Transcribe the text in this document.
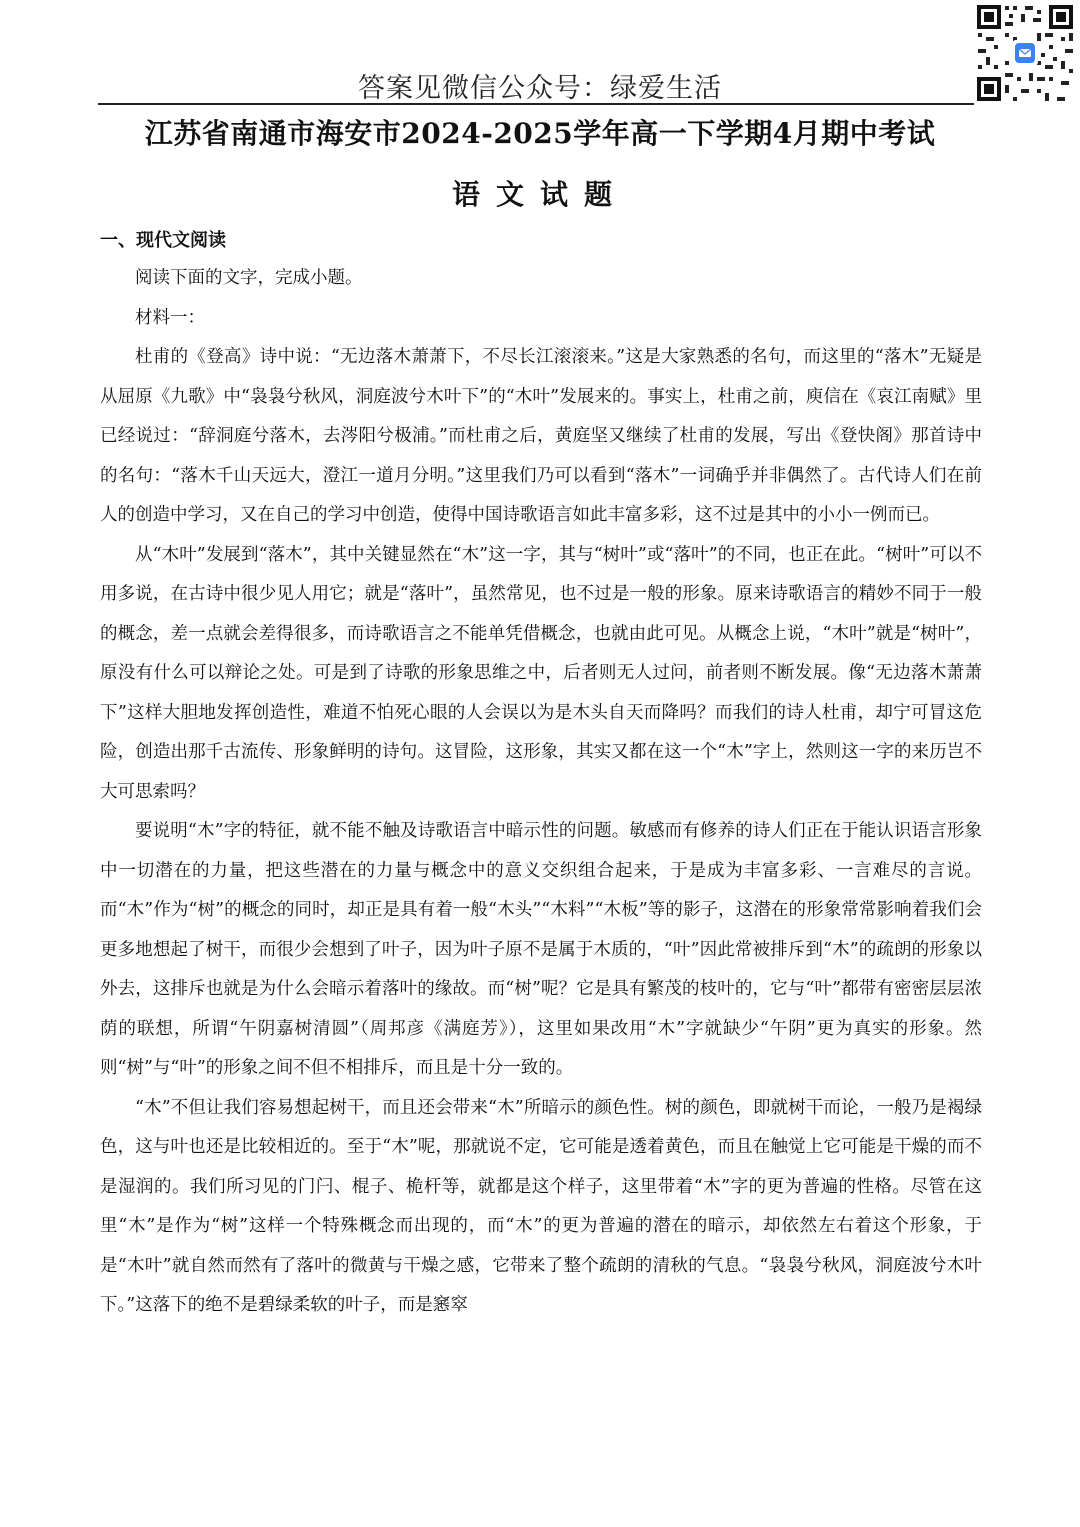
答案见微信公众号：绿爱生活
江苏省南通市海安市2024-2025学年高一下学期4月期中考试
语文试题
一、现代文阅读

阅读下面的文字，完成小题。

材料一：

杜甫的《登高》诗中说：“无边落木萧萧下，不尽长江滚滚来。”这是大家熟悉的名句，而这里的“落木”无疑是从屈原《九歌》中“袅袅兮秋风，洞庭波兮木叶下”的“木叶”发展来的。事实上，杜甫之前，庾信在《哀江南赋》里已经说过：“辞洞庭兮落木，去涔阳兮极浦。”而杜甫之后，黄庭坚又继续了杜甫的发展，写出《登快阁》那首诗中的名句：“落木千山天远大，澄江一道月分明。”这里我们乃可以看到“落木”一词确乎并非偶然了。古代诗人们在前人的创造中学习，又在自己的学习中创造，使得中国诗歌语言如此丰富多彩，这不过是其中的小小一例而已。

从“木叶”发展到“落木”，其中关键显然在“木”这一字，其与“树叶”或“落叶”的不同，也正在此。“树叶”可以不用多说，在古诗中很少见人用它；就是“落叶”，虽然常见，也不过是一般的形象。原来诗歌语言的精妙不同于一般的概念，差一点就会差得很多，而诗歌语言之不能单凭借概念，也就由此可见。从概念上说，“木叶”就是“树叶”，原没有什么可以辩论之处。可是到了诗歌的形象思维之中，后者则无人过问，前者则不断发展。像“无边落木萧萧下”这样大胆地发挥创造性，难道不怕死心眼的人会误以为是木头自天而降吗？而我们的诗人杜甫，却宁可冒这危险，创造出那千古流传、形象鲜明的诗句。这冒险，这形象，其实又都在这一个“木”字上，然则这一字的来历岂不大可思索吗？

要说明“木”字的特征，就不能不触及诗歌语言中暗示性的问题。敏感而有修养的诗人们正在于能认识语言形象中一切潜在的力量，把这些潜在的力量与概念中的意义交织组合起来，于是成为丰富多彩、一言难尽的言说。而“木”作为“树”的概念的同时，却正是具有着一般“木头”“木料”“木板”等的影子，这潜在的形象常常影响着我们会更多地想起了树干，而很少会想到了叶子，因为叶子原不是属于木质的，“叶”因此常被排斥到“木”的疏朗的形象以外去，这排斥也就是为什么会暗示着落叶的缘故。而“树”呢？它是具有繁茂的枝叶的，它与“叶”都带有密密层层浓荫的联想，所谓“午阴嘉树清圆”（周邦彦《满庭芳》），这里如果改用“木”字就缺少“午阴”更为真实的形象。然则“树”与“叶”的形象之间不但不相排斥，而且是十分一致的。

“木”不但让我们容易想起树干，而且还会带来“木”所暗示的颜色性。树的颜色，即就树干而论，一般乃是褐绿色，这与叶也还是比较相近的。至于“木”呢，那就说不定，它可能是透着黄色，而且在触觉上它可能是干燥的而不是湿润的。我们所习见的门闩、棍子、桅杆等，就都是这个样子，这里带着“木”字的更为普遍的性格。尽管在这里“木”是作为“树”这样一个特殊概念而出现的，而“木”的更为普遍的潜在的暗示，却依然左右着这个形象，于是“木叶”就自然而然有了落叶的微黄与干燥之感，它带来了整个疏朗的清秋的气息。“袅袅兮秋风，洞庭波兮木叶下。”这落下的绝不是碧绿柔软的叶子，而是窸窣
